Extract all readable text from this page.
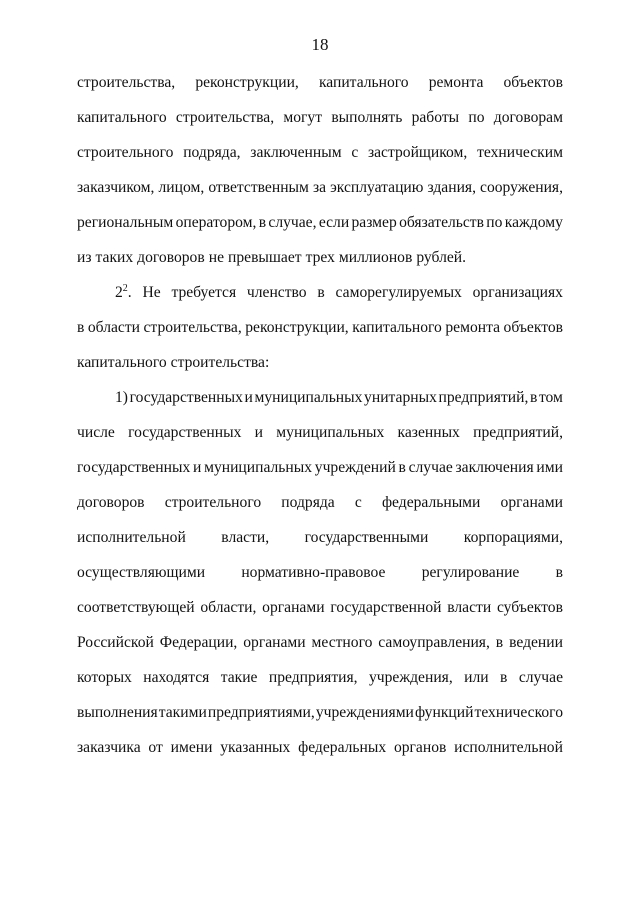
18
строительства, реконструкции, капитального ремонта объектов
капитального строительства, могут выполнять работы по договорам
строительного подряда, заключенным с застройщиком, техническим
заказчиком, лицом, ответственным за эксплуатацию здания, сооружения,
региональным оператором, в случае, если размер обязательств по каждому
из таких договоров не превышает трех миллионов рублей.
$2^2$ . Не требуется членство в саморегулируемых организациях
в области строительства, реконструкции, капитального ремонта объектов
капитального строительства:
1) государственных и муниципальных унитарных предприятий, в том
числе государственных и муниципальных казенных предприятий,
государственных и муниципальных учреждений в случае заключения ими
договоров строительного подряда с федеральными органами
исполнительной власти, государственными корпорациями,
осуществляющими нормативно-правовое регулирование в
соответствующей области, органами государственной власти субъектов
Российской Федерации, органами местного самоуправления, в ведении
которых находятся такие предприятия, учреждения, или в случае
выполнения такими предприятиями, учреждениями функций технического
заказчика от имени указанных федеральных органов исполнительной
